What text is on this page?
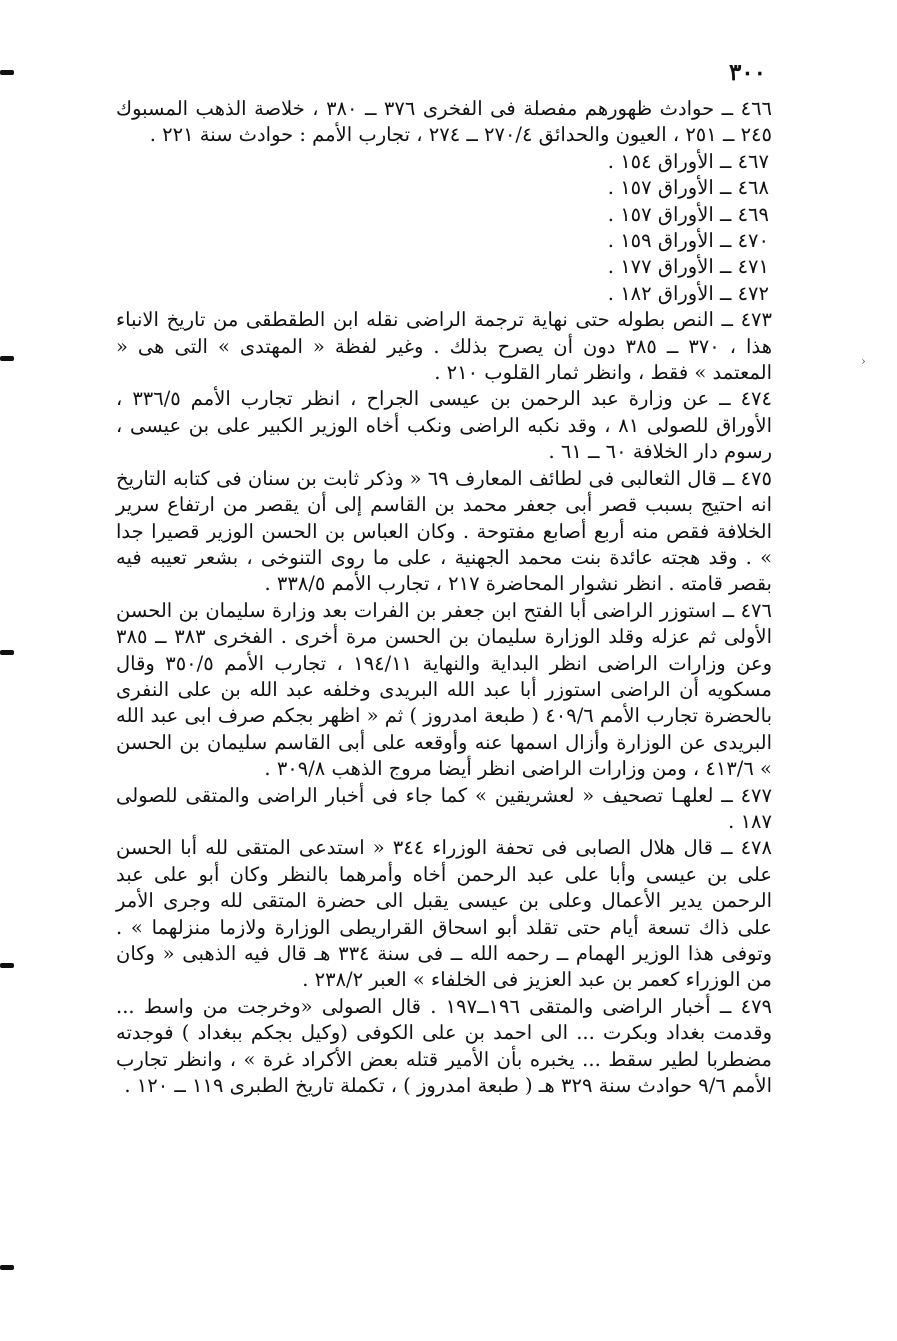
٣٠٠

٤٦٦ ــ حوادث ظهورهم مفصلة فى الفخرى ٣٧٦ ــ ٣٨٠ ، خلاصة الذهب المسبوك ٢٤٥ ــ ٢٥١ ، العيون والحدائق ٢٧٠/٤ ــ ٢٧٤ ، تجارب الأمم : حوادث سنة ٢٢١ .

٤٦٧ ــ الأوراق ١٥٤ .

٤٦٨ ــ الأوراق ١٥٧ .

٤٦٩ ــ الأوراق ١٥٧ .

٤٧٠ ــ الأوراق ١٥٩ .

٤٧١ ــ الأوراق ١٧٧ .

٤٧٢ ــ الأوراق ١٨٢ .

٤٧٣ ــ النص بطوله حتى نهاية ترجمة الراضى نقله ابن الطقطقى من تاريخ الانباء هذا ، ٣٧٠ ــ ٣٨٥ دون أن يصرح بذلك . وغير لفظة « المهتدى » التى هى « المعتمد » فقط ، وانظر ثمار القلوب ٢١٠ .

٤٧٤ ــ عن وزارة عبد الرحمن بن عيسى الجراح ، انظر تجارب الأمم ٣٣٦/٥ ، الأوراق للصولى ٨١ ، وقد نكبه الراضى ونكب أخاه الوزير الكبير على بن عيسى ، رسوم دار الخلافة ٦٠ ــ ٦١ .

٤٧٥ ــ قال الثعالبى فى لطائف المعارف ٦٩ « وذكر ثابت بن سنان فى كتابه التاريخ انه احتيج بسبب قصر أبى جعفر محمد بن القاسم إلى أن يقصر من ارتفاع سرير الخلافة فقص منه أربع أصابع مفتوحة . وكان العباس بن الحسن الوزير قصيرا جدا » . وقد هجته عائدة بنت محمد الجهنية ، على ما روى التنوخى ، بشعر تعيبه فيه بقصر قامته . انظر نشوار المحاضرة ٢١٧ ، تجارب الأمم ٣٣٨/٥ .

٤٧٦ ــ استوزر الراضى أبا الفتح ابن جعفر بن الفرات بعد وزارة سليمان بن الحسن الأولى ثم عزله وقلد الوزارة سليمان بن الحسن مرة أخرى . الفخرى ٣٨٣ ــ ٣٨٥ وعن وزارات الراضى انظر البداية والنهاية ١٩٤/١١ ، تجارب الأمم ٣٥٠/٥ وقال مسكويه أن الراضى استوزر أبا عبد الله البريدى وخلفه عبد الله بن على النفرى بالحضرة تجارب الأمم ٤٠٩/٦ ( طبعة امدروز ) ثم « اظهر بجكم صرف ابى عبد الله البريدى عن الوزارة وأزال اسمها عنه وأوقعه على أبى القاسم سليمان بن الحسن » ٤١٣/٦ ، ومن وزارات الراضى انظر أيضا مروج الذهب ٣٠٩/٨ .

٤٧٧ ــ لعلهـا تصحيف « لعشريقين » كما جاء فى أخبار الراضى والمتقى للصولى ١٨٧ .

٤٧٨ ــ قال هلال الصابى فى تحفة الوزراء ٣٤٤ « استدعى المتقى لله أبا الحسن على بن عيسى وأبا على عبد الرحمن أخاه وأمرهما بالنظر وكان أبو على عبد الرحمن يدير الأعمال وعلى بن عيسى يقبل الى حضرة المتقى لله وجرى الأمر على ذاك تسعة أيام حتى تقلد أبو اسحاق القراريطى الوزارة ولازما منزلهما » . وتوفى هذا الوزير الهمام ــ رحمه الله ــ فى سنة ٣٣٤ هـ قال فيه الذهبى « وكان من الوزراء كعمر بن عبد العزيز فى الخلفاء » العبر ٢٣٨/٢ .

٤٧٩ ــ أخبار الراضى والمتقى ١٩٦ــ١٩٧ . قال الصولى «وخرجت من واسط ... وقدمت بغداد وبكرت ... الى احمد بن على الكوفى (وكيل بجكم ببغداد ) فوجدته مضطربا لطير سقط ... يخبره بأن الأمير قتله بعض الأكراد غرة » ، وانظر تجارب الأمم ٩/٦ حوادث سنة ٣٢٩ هـ ( طبعة امدروز ) ، تكملة تاريخ الطبرى ١١٩ ــ ١٢٠ .

›
